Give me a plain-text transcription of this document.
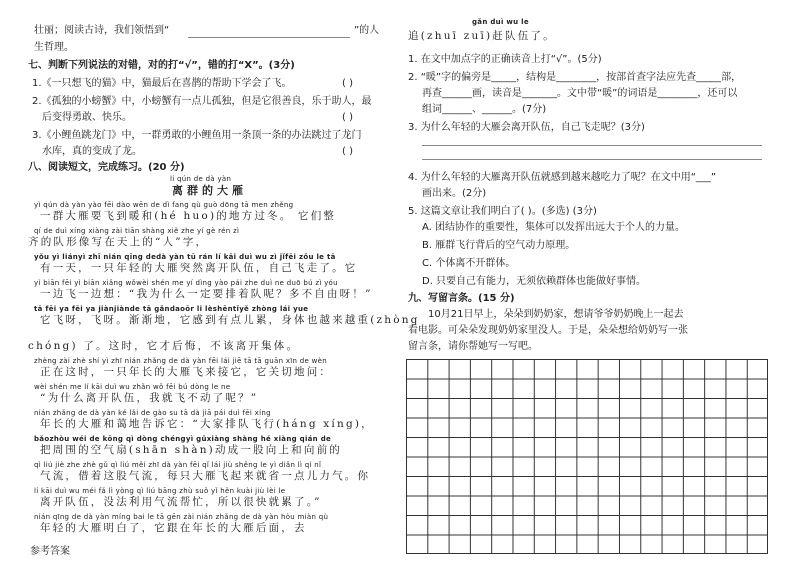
壮丽；阅读古诗，我们领悟到“	”的人
生哲理。
七、判断下列说法的对错，对的打“√”，错的打“X”。(3分)
1.《一只想飞的猫》中，猫最后在喜鹊的帮助下学会了飞。	( )
2.《孤独的小螃蟹》中，小螃蟹有一点儿孤独，但是它很善良，乐于助人，最
后变得勇敢、快乐。	( )
3.《小鲤鱼跳龙门》中，一群勇敢的小鲤鱼用一条顶一条的办法跳过了龙门
水库，真的变成了龙。	( )
八、阅读短文，完成练习。(20 分)
lí qún de dà yàn
离群的大雁
yì qún dà yàn yào fēi dào wēn de dì fang qù guò dōng tā men zhěng
一群大雁要飞到暖和(hé huo)的地方过冬。 它们整
qí de duì xíng xiàng zài tiān shàng xiě zhe yí gè rén zì
齐的队形像写在天上的“人”字，
yǒu yì liányì zhī nián qīng dedà yàn tū rán lí kāi duì wu zì jǐfēi zǒu le tā
有一天，一只年轻的大雁突然离开队伍，自己飞走了。它
yì biān fēi yì biān xiǎng wǒwèi shén me yí dìng yào pái zhe duì ne duō bú zì yóu
一边飞一边想：“我为什么一定要排着队呢？多不自由呀！”
tā fēi ya fēi ya jiànjiànde tā gǎndaoōr li lèshēntǐyě zhòng lái yue
它飞呀，飞呀。渐渐地，它感到有点儿累，身体也越来越重(zhòng
chóng) 了。这时，它才后悔，不该离开集体。
zhèng zài zhè shí yì zhī nián zhǎng de dà yàn fēi lái jiē tā tā guān xīn de wèn
正在这时，一只年长的大雁飞来接它，它关切地问：
wèi shén me lí kāi duì wu zhǎn wǒ fēi bú dòng le ne
“为什么离开队伍，我就飞不动了呢？”
nián zhǎng de dà yàn ké lǎi de gào su tā dà jiā pái duì fēi xíng
年长的大雁和蔼地告诉它：“大家排队飞行(háng xíng)，
bǎozhòu wéi de kōng qì dòng chéngyì gǔxiàng shàng hé xiàng qián de
把周围的空气扇(shān shàn)动成一股向上和向前的
qì liú jiè zhe zhè gǔ qì liú měi zhī dà yàn fēi qǐ lái jiù shěng le yì diǎn lì qi nǐ
气流，借着这股气流，每只大雁飞起来就省一点儿力气。你
lí kāi duì wu méi fǎ lì yòng qì liú bāng zhù suǒ yǐ hěn kuài jiù lèi le
离开队伍，没法利用气流帮忙，所以很快就累了。”
nián qīng de dà yàn míng bai le tā gēn zài nián zhǎng de dà yàn hòu miàn qù
年轻的大雁明白了，它跟在年长的大雁后面，去
参考答案
gǎn duì wu le
追(zhuī zuī)赶队伍了。
1. 在文中加点字的正确读音上打“√”。(5分)
2. “暖”字的偏旁是_____，结构是________，按部首查字法应先查_____部，
再查______画，读音是_______。文中带“暖”的词语是________，还可以
组词______、______。(7分)
3. 为什么年轻的大雁会离开队伍，自己飞走呢？(3分)
4. 为什么年轻的大雁离开队伍就感到越来越吃力了呢？在文中用“___”
画出来。(2分)
5. 这篇文章让我们明白了( )。(多选) (3分)
A. 团结协作的重要性，集体可以发挥出远大于个人的力量。
B. 雁群飞行背后的空气动力原理。
C. 个体离不开群体。
D. 只要自己有能力，无须依赖群体也能做好事情。
九、写留言条。(15 分)
10月21日早上，朵朵到奶奶家，想请爷爷奶奶晚上一起去
看电影。可朵朵发现奶奶家里没人。于是，朵朵想给奶奶写一张
留言条，请你帮她写一写吧。
